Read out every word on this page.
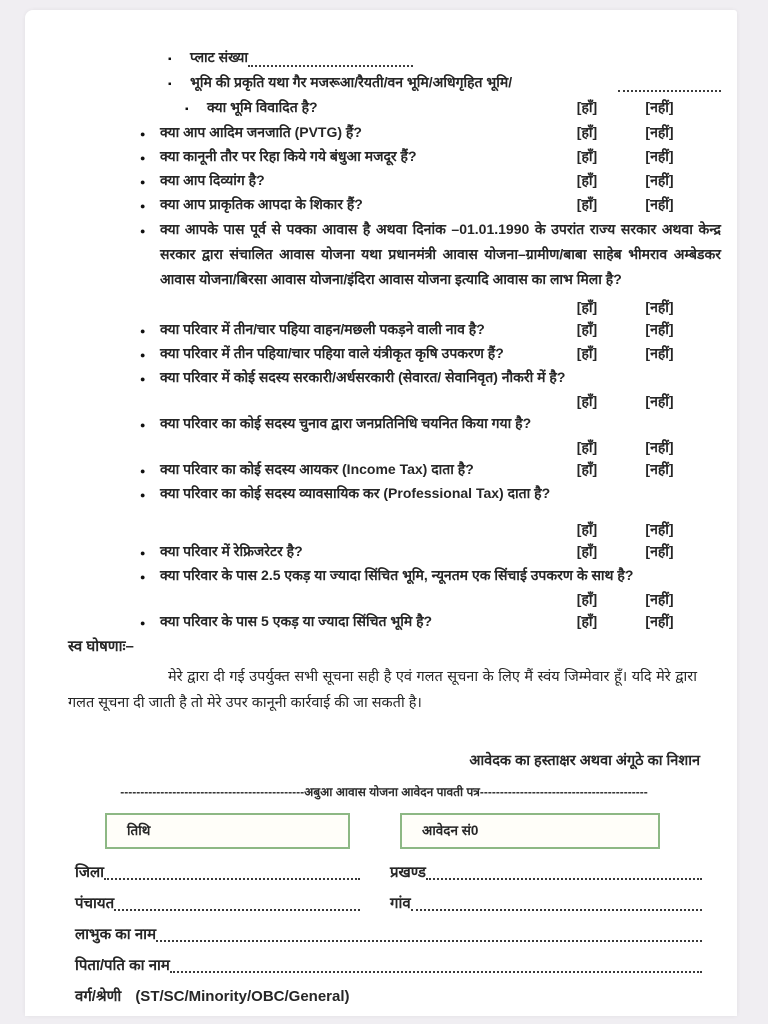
▪	प्लाट संख्या
▪	भूमि की प्रकृति यथा गैर मजरूआ/रैयती/वन भूमि/अधिगृहित भूमि/
▪	क्या भूमि विवादित है?	[हाँ]	[नहीं]
●	क्या आप आदिम जनजाति (PVTG) हैं?	[हाँ]	[नहीं]
●	क्या कानूनी तौर पर रिहा किये गये बंधुआ मजदूर हैं?	[हाँ]	[नहीं]
●	क्या आप दिव्यांग है?	[हाँ]	[नहीं]
●	क्या आप प्राकृतिक आपदा के शिकार हैं?	[हाँ]	[नहीं]
●	क्या आपके पास पूर्व से पक्का आवास है अथवा दिनांक –01.01.1990 के उपरांत राज्य सरकार अथवा केन्द्र सरकार द्वारा संचालित आवास योजना यथा प्रधानमंत्री आवास योजना–ग्रामीण/बाबा साहेब भीमराव अम्बेडकर आवास योजना/बिरसा आवास योजना/इंदिरा आवास योजना इत्यादि आवास का लाभ मिला है?
[हाँ]	[नहीं]
●	क्या परिवार में तीन/चार पहिया वाहन/मछली पकड़ने वाली नाव है?	[हाँ]	[नहीं]
●	क्या परिवार में तीन पहिया/चार पहिया वाले यंत्रीकृत कृषि उपकरण हैं?	[हाँ]	[नहीं]
●	क्या परिवार में कोई सदस्य सरकारी/अर्धसरकारी (सेवारत/ सेवानिवृत) नौकरी में है?
[हाँ]	[नहीं]
●	क्या परिवार का कोई सदस्य चुनाव द्वारा जनप्रतिनिधि चयनित किया गया है?
[हाँ]	[नहीं]
●	क्या परिवार का कोई सदस्य आयकर (Income Tax) दाता है?	[हाँ]	[नहीं]
●	क्या परिवार का कोई सदस्य व्यावसायिक कर (Professional Tax) दाता है?
[हाँ]	[नहीं]
●	क्या परिवार में रेफ्रिजरेटर है?	[हाँ]	[नहीं]
●	क्या परिवार के पास 2.5 एकड़ या ज्यादा सिंचित भूमि, न्यूनतम एक सिंचाई उपकरण के साथ है?
[हाँ]	[नहीं]
●	क्या परिवार के पास 5 एकड़ या ज्यादा सिंचित भूमि है?	[हाँ]	[नहीं]
स्व घोषणाः–
मेरे द्वारा दी गई उपर्युक्त सभी सूचना सही है एवं गलत सूचना के लिए मैं स्वंय जिम्मेवार हूँ। यदि मेरे द्वारा गलत सूचना दी जाती है तो मेरे उपर कानूनी कार्रवाई की जा सकती है।
आवेदक का हस्ताक्षर अथवा अंगूठे का निशान
----------------------------------------------अबुआ आवास योजना आवेदन पावती पत्र------------------------------------------
तिथि	आवेदन सं0
जिला	प्रखण्ड
पंचायत	गांव
लाभुक का नाम
पिता/पति का नाम
वर्ग/श्रेणी (ST/SC/Minority/OBC/General)
